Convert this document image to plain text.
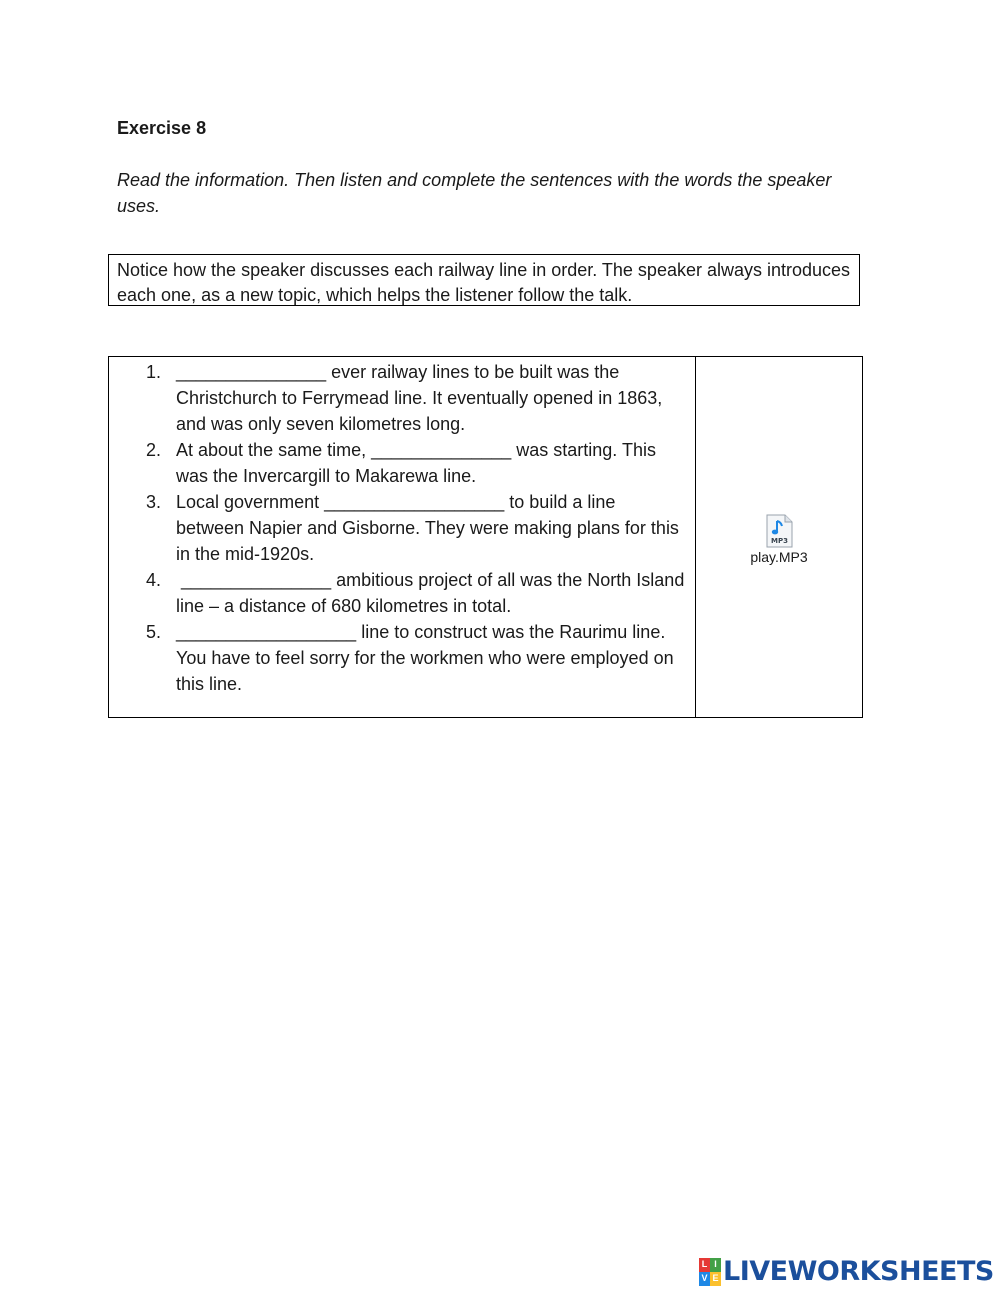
Exercise 8

Read the information. Then listen and complete the sentences with the words the speaker uses.

Notice how the speaker discusses each railway line in order. The speaker always introduces each one, as a new topic, which helps the listener follow the talk.
1. _______________ ever railway lines to be built was the Christchurch to Ferrymead line. It eventually opened in 1863, and was only seven kilometres long.
2. At about the same time, ______________ was starting. This was the Invercargill to Makarewa line.
3. Local government __________________ to build a line between Napier and Gisborne. They were making plans for this in the mid-1920s.
4. _______________ ambitious project of all was the North Island line – a distance of 680 kilometres in total.
5. __________________ line to construct was the Raurimu line. You have to feel sorry for the workmen who were employed on this line.

MP3
play.MP3
L I
V E LIVEWORKSHEETS
